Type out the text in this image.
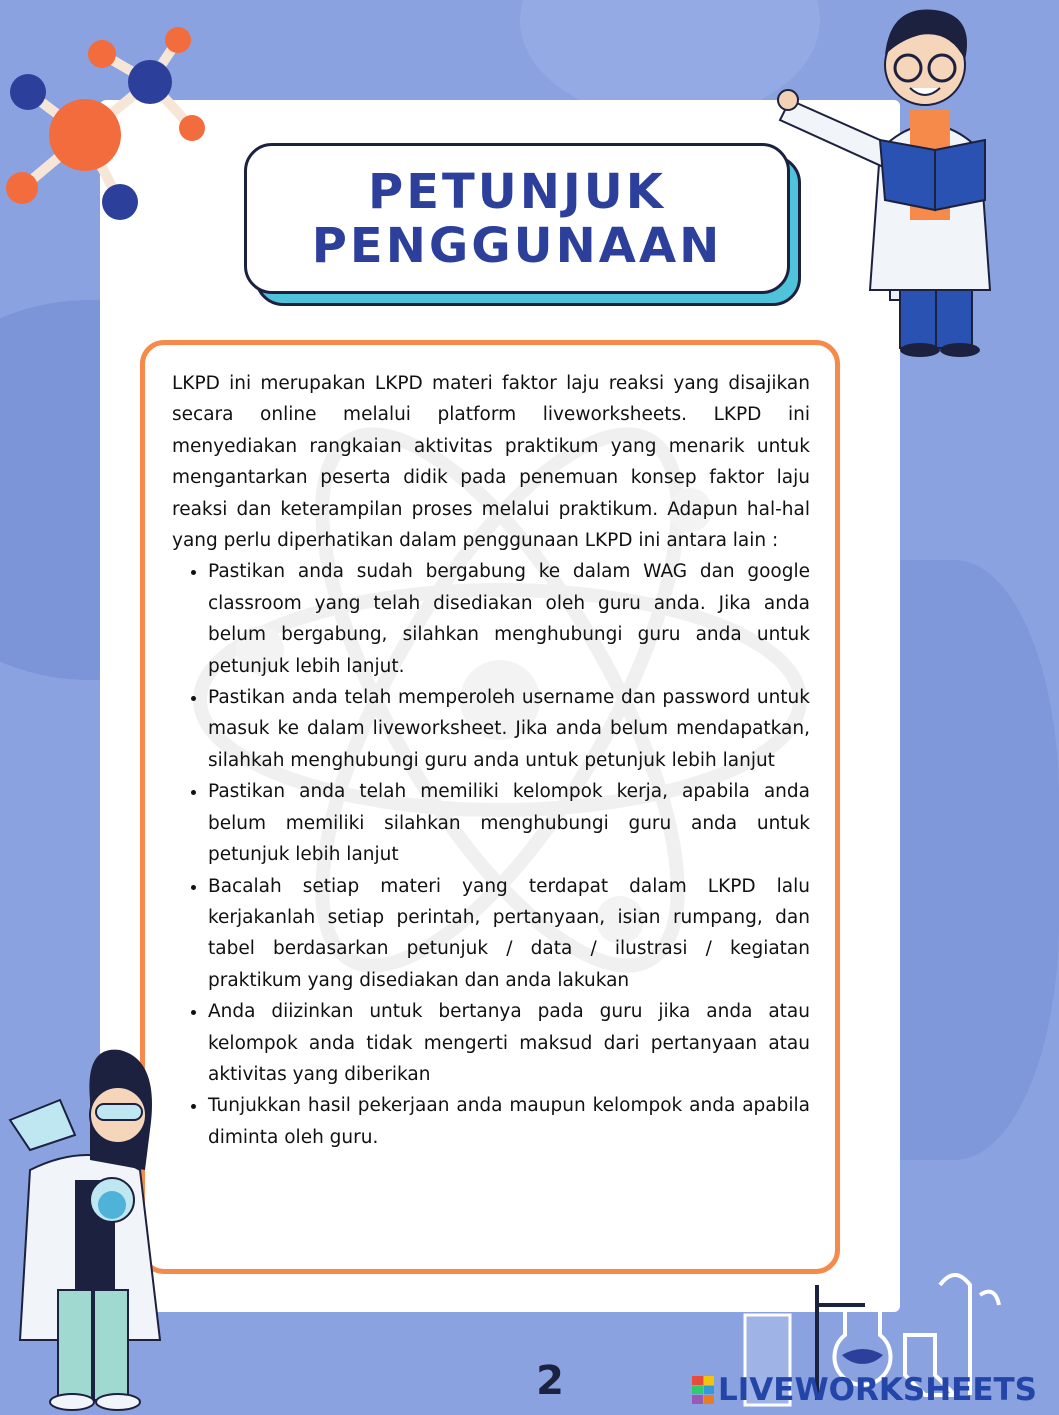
PETUNJUK PENGGUNAAN

LKPD ini merupakan LKPD materi faktor laju reaksi yang disajikan secara online melalui platform liveworksheets. LKPD ini menyediakan rangkaian aktivitas praktikum yang menarik untuk mengantarkan peserta didik pada penemuan konsep faktor laju reaksi dan keterampilan proses melalui praktikum. Adapun hal-hal yang perlu diperhatikan dalam penggunaan LKPD ini antara lain :

• Pastikan anda sudah bergabung ke dalam WAG dan google classroom yang telah disediakan oleh guru anda. Jika anda belum bergabung, silahkan menghubungi guru anda untuk petunjuk lebih lanjut.
• Pastikan anda telah memperoleh username dan password untuk masuk ke dalam liveworksheet. Jika anda belum mendapatkan, silahkah menghubungi guru anda untuk petunjuk lebih lanjut
• Pastikan anda telah memiliki kelompok kerja, apabila anda belum memiliki silahkan menghubungi guru anda untuk petunjuk lebih lanjut
• Bacalah setiap materi yang terdapat dalam LKPD lalu kerjakanlah setiap perintah, pertanyaan, isian rumpang, dan tabel berdasarkan petunjuk / data / ilustrasi / kegiatan praktikum yang disediakan dan anda lakukan
• Anda diizinkan untuk bertanya pada guru jika anda atau kelompok anda tidak mengerti maksud dari pertanyaan atau aktivitas yang diberikan
• Tunjukkan hasil pekerjaan anda maupun kelompok anda apabila diminta oleh guru.
2	LIVEWORKSHEETS
